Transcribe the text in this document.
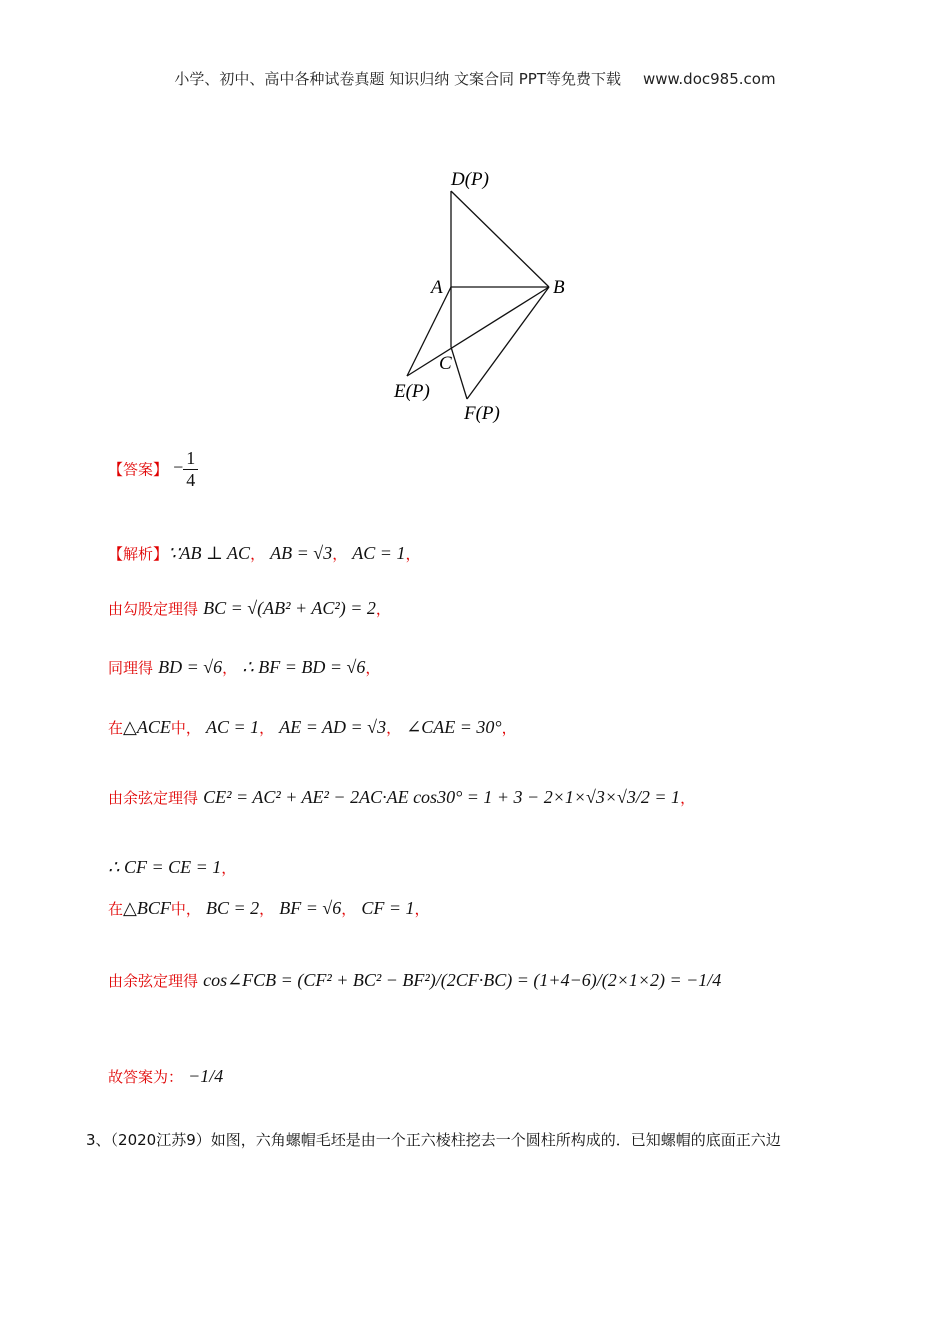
小学、初中、高中各种试卷真题 知识归纳 文案合同 PPT等免费下载 www.doc985.com
D(P)
A	B
C
E(P)
F(P)
【答案】 − $\frac{1}{4}$
【解析】∵AB ⊥ AC， AB = √3， AC = 1，
由勾股定理得 BC = √(AB² + AC²) = 2，
同理得 BD = √6， ∴ BF = BD = √6，
在△ACE中， AC = 1， AE = AD = √3， ∠CAE = 30°，
由余弦定理得 CE² = AC² + AE² − 2AC·AE cos30° = 1 + 3 − 2×1×√3×√3/2 = 1，
∴ CF = CE = 1，
在△BCF中， BC = 2， BF = √6， CF = 1，
由余弦定理得 cos∠FCB = (CF² + BC² − BF²)/(2CF·BC) = (1+4−6)/(2×1×2) = −1/4
故答案为： −1/4
3、（2020江苏9）如图，六角螺帽毛坯是由一个正六棱柱挖去一个圆柱所构成的．已知螺帽的底面正六边
